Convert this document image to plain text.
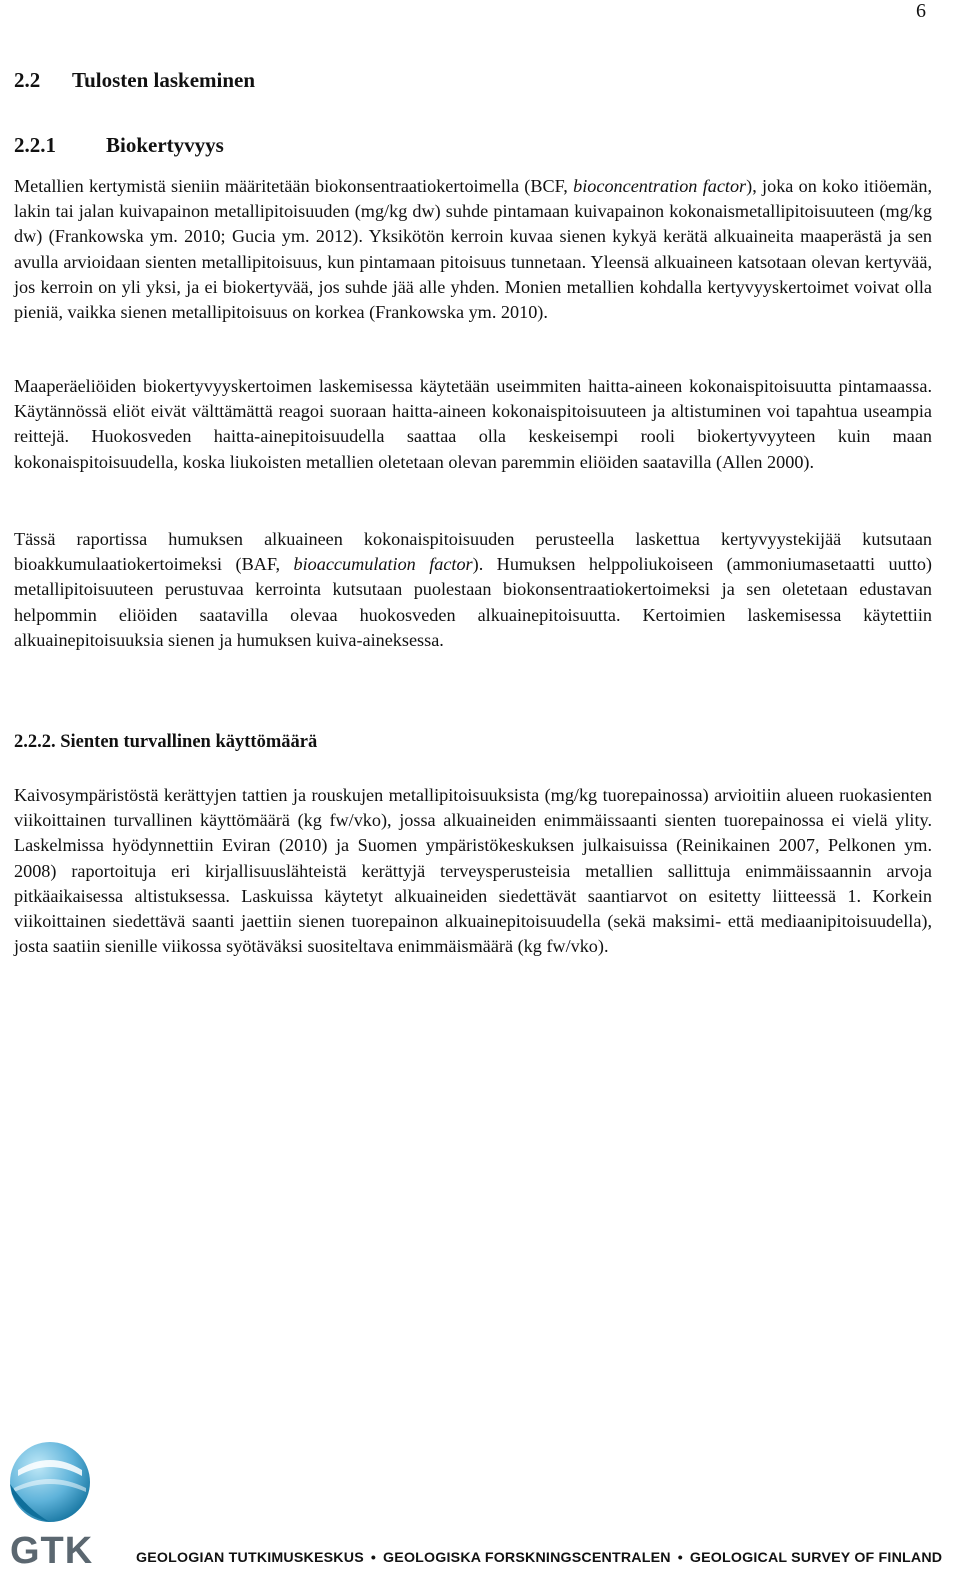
6
2.2 Tulosten laskeminen
2.2.1 Biokertyvyys

Metallien kertymistä sieniin määritetään biokonsentraatiokertoimella (BCF, bioconcentration factor), joka on koko itiöemän, lakin tai jalan kuivapainon metallipitoisuuden (mg/kg dw) suhde pintamaan kuivapainon kokonaismetallipitoisuuteen (mg/kg dw) (Frankowska ym. 2010; Gucia ym. 2012). Yksikötön kerroin kuvaa sienen kykyä kerätä alkuaineita maaperästä ja sen avulla arvioidaan sienten metallipitoisuus, kun pintamaan pitoisuus tunnetaan. Yleensä alkuaineen katsotaan olevan kertyvää, jos kerroin on yli yksi, ja ei biokertyvää, jos suhde jää alle yhden. Monien metallien kohdalla kertyvyyskertoimet voivat olla pieniä, vaikka sienen metallipitoisuus on korkea (Frankowska ym. 2010).

Maaperäeliöiden biokertyvyyskertoimen laskemisessa käytetään useimmiten haitta-aineen kokonaispitoisuutta pintamaassa. Käytännössä eliöt eivät välttämättä reagoi suoraan haitta-aineen kokonaispitoisuuteen ja altistuminen voi tapahtua useampia reittejä. Huokosveden haitta-ainepitoisuudella saattaa olla keskeisempi rooli biokertyvyyteen kuin maan kokonaispitoisuudella, koska liukoisten metallien oletetaan olevan paremmin eliöiden saatavilla (Allen 2000).

Tässä raportissa humuksen alkuaineen kokonaispitoisuuden perusteella laskettua kertyvyystekijää kutsutaan bioakkumulaatiokertoimeksi (BAF, bioaccumulation factor). Humuksen helppoliukoiseen (ammoniumasetaatti uutto) metallipitoisuuteen perustuvaa kerrointa kutsutaan puolestaan biokonsentraatiokertoimeksi ja sen oletetaan edustavan helpommin eliöiden saatavilla olevaa huokosveden alkuainepitoisuutta. Kertoimien laskemisessa käytettiin alkuainepitoisuuksia sienen ja humuksen kuiva-aineksessa.

2.2.2. Sienten turvallinen käyttömäärä

Kaivosympäristöstä kerättyjen tattien ja rouskujen metallipitoisuuksista (mg/kg tuorepainossa) arvioitiin alueen ruokasienten viikoittainen turvallinen käyttömäärä (kg fw/vko), jossa alkuaineiden enimmäissaanti sienten tuorepainossa ei vielä ylity. Laskelmissa hyödynnettiin Eviran (2010) ja Suomen ympäristökeskuksen julkaisuissa (Reinikainen 2007, Pelkonen ym. 2008) raportoituja eri kirjallisuuslähteistä kerättyjä terveysperusteisia metallien sallittuja enimmäissaannin arvoja pitkäaikaisessa altistuksessa. Laskuissa käytetyt alkuaineiden siedettävät saantiarvot on esitetty liitteessä 1. Korkein viikoittainen siedettävä saanti jaettiin sienen tuorepainon alkuainepitoisuudella (sekä maksimi- että mediaanipitoisuudella), josta saatiin sienille viikossa syötäväksi suositeltava enimmäismäärä (kg fw/vko).

GTK	GEOLOGIAN TUTKIMUSKESKUS • GEOLOGISKA FORSKNINGSCENTRALEN • GEOLOGICAL SURVEY OF FINLAND
